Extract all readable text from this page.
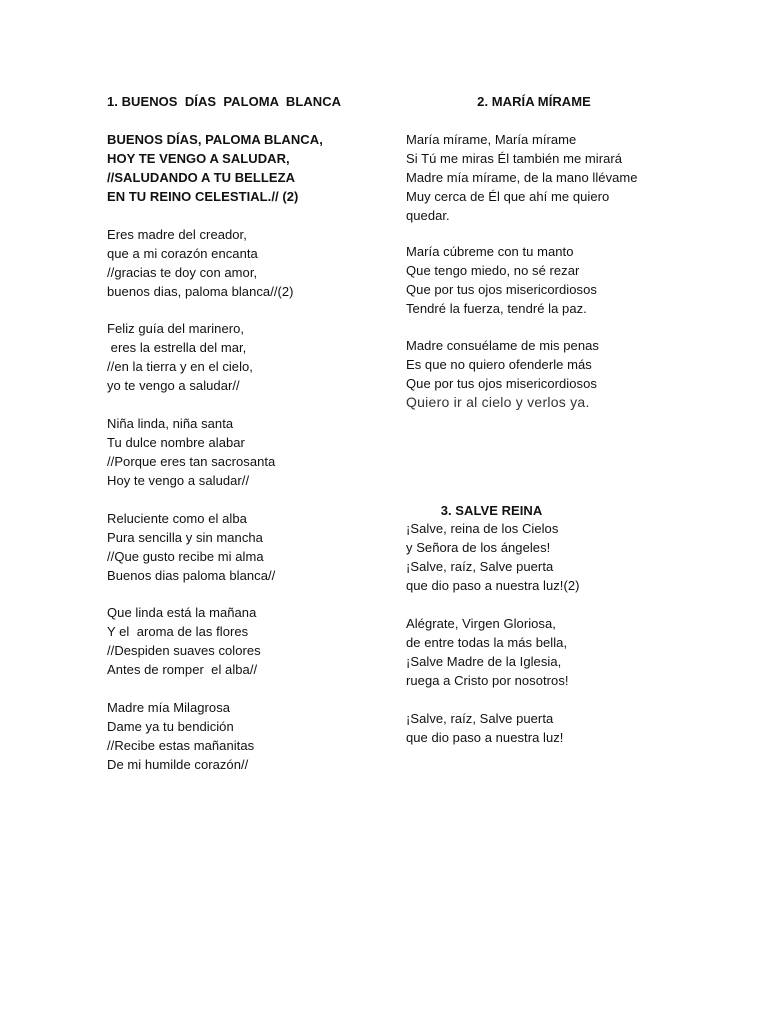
1. BUENOS  DÍAS  PALOMA  BLANCA
BUENOS DÍAS, PALOMA BLANCA,
HOY TE VENGO A SALUDAR,
//SALUDANDO A TU BELLEZA
EN TU REINO CELESTIAL.// (2)
Eres madre del creador,
que a mi corazón encanta
//gracias te doy con amor,
buenos dias, paloma blanca//(2)
Feliz guía del marinero,
eres la estrella del mar,
//en la tierra y en el cielo,
yo te vengo a saludar//
Niña linda, niña santa
Tu dulce nombre alabar
//Porque eres tan sacrosanta
Hoy te vengo a saludar//
Reluciente como el alba
Pura sencilla y sin mancha
//Que gusto recibe mi alma
Buenos dias paloma blanca//
Que linda está la mañana
Y el  aroma de las flores
//Despiden suaves colores
Antes de romper  el alba//
Madre mía Milagrosa
Dame ya tu bendición
//Recibe estas mañanitas
De mi humilde corazón//
2. MARÍA MÍRAME
María mírame, María mírame
Si Tú me miras Él también me mirará
Madre mía mírame, de la mano llévame
Muy cerca de Él que ahí me quiero
quedar.
María cúbreme con tu manto
Que tengo miedo, no sé rezar
Que por tus ojos misericordiosos
Tendré la fuerza, tendré la paz.
Madre consuélame de mis penas
Es que no quiero ofenderle más
Que por tus ojos misericordiosos
Quiero ir al cielo y verlos ya.
3. SALVE REINA
¡Salve, reina de los Cielos
y Señora de los ángeles!
¡Salve, raíz, Salve puerta
que dio paso a nuestra luz!(2)
Alégrate, Virgen Gloriosa,
de entre todas la más bella,
¡Salve Madre de la Iglesia,
ruega a Cristo por nosotros!
¡Salve, raíz, Salve puerta
que dio paso a nuestra luz!
